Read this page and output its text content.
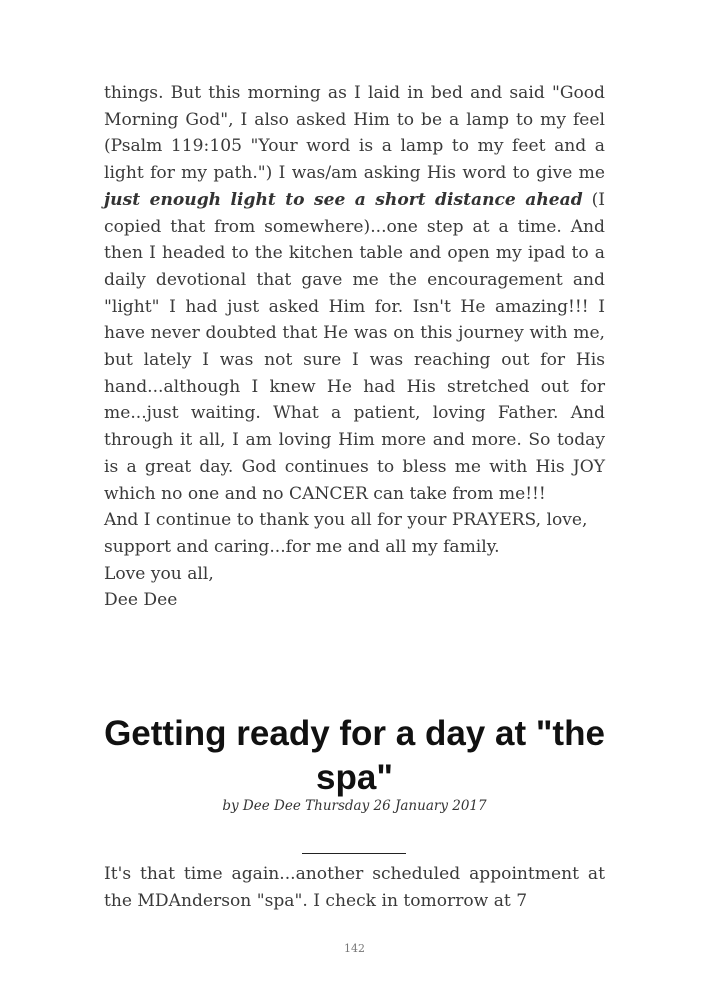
things. But this morning as I laid in bed and said "Good Morning God", I also asked Him to be a lamp to my feel (Psalm 119:105 "Your word is a lamp to my feet and a light for my path.") I was/am asking His word to give me just enough light to see a short distance ahead (I copied that from somewhere)...one step at a time. And then I headed to the kitchen table and open my ipad to a daily devotional that gave me the encouragement and "light" I had just asked Him for. Isn't He amazing!!! I have never doubted that He was on this journey with me, but lately I was not sure I was reaching out for His hand...although I knew He had His stretched out for me...just waiting. What a patient, loving Father. And through it all, I am loving Him more and more. So today is a great day. God continues to bless me with His JOY which no one and no CANCER can take from me!!!
And I continue to thank you all for your PRAYERS, love, support and caring...for me and all my family.
Love you all,
Dee Dee
Getting ready for a day at "the spa"
by Dee Dee Thursday 26 January 2017
It's that time again...another scheduled appointment at the MDAnderson "spa". I check in tomorrow at 7
142
